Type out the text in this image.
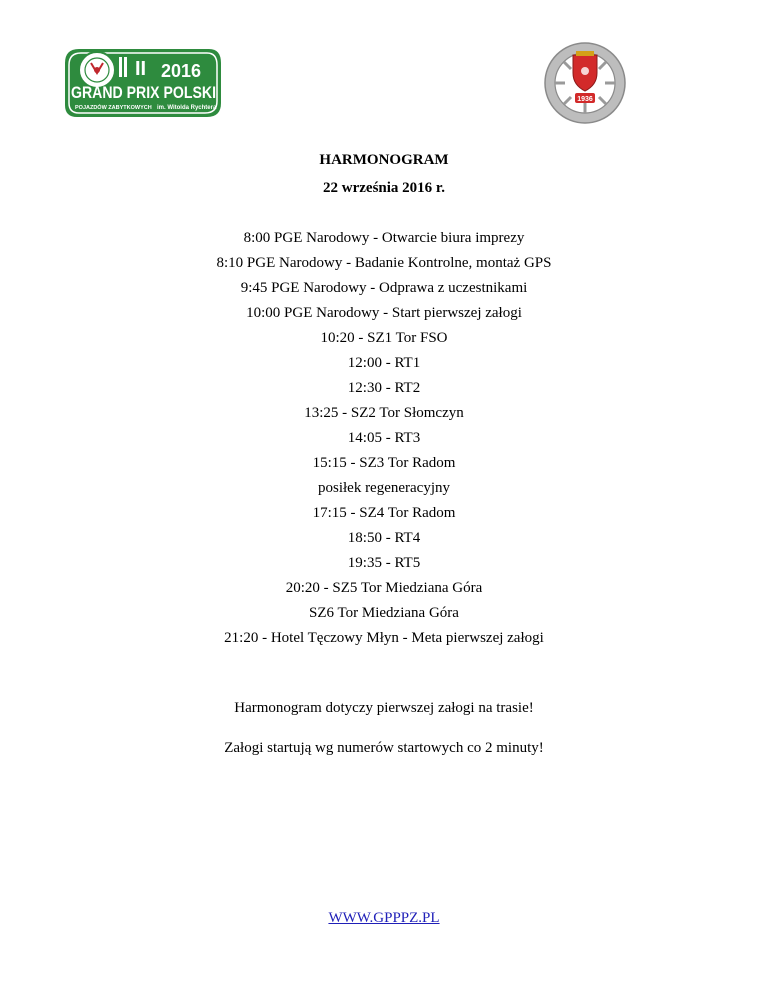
II 2016
GRAND PRIX POLSKI
POJAZDÓW ZABYTKOWYCH im. Witolda Rychtera
1936
HARMONOGRAM
22 września 2016 r.
8:00 PGE Narodowy - Otwarcie biura imprezy
8:10 PGE Narodowy - Badanie Kontrolne, montaż GPS
9:45 PGE Narodowy - Odprawa z uczestnikami
10:00 PGE Narodowy - Start pierwszej załogi
10:20 - SZ1 Tor FSO
12:00 - RT1
12:30 - RT2
13:25 - SZ2 Tor Słomczyn
14:05 - RT3
15:15 - SZ3 Tor Radom
posiłek regeneracyjny
17:15 - SZ4 Tor Radom
18:50 - RT4
19:35 - RT5
20:20 - SZ5 Tor Miedziana Góra
SZ6 Tor Miedziana Góra
21:20 - Hotel Tęczowy Młyn - Meta pierwszej załogi
Harmonogram dotyczy pierwszej załogi na trasie!
Załogi startują wg numerów startowych co 2 minuty!
WWW.GPPPZ.PL
